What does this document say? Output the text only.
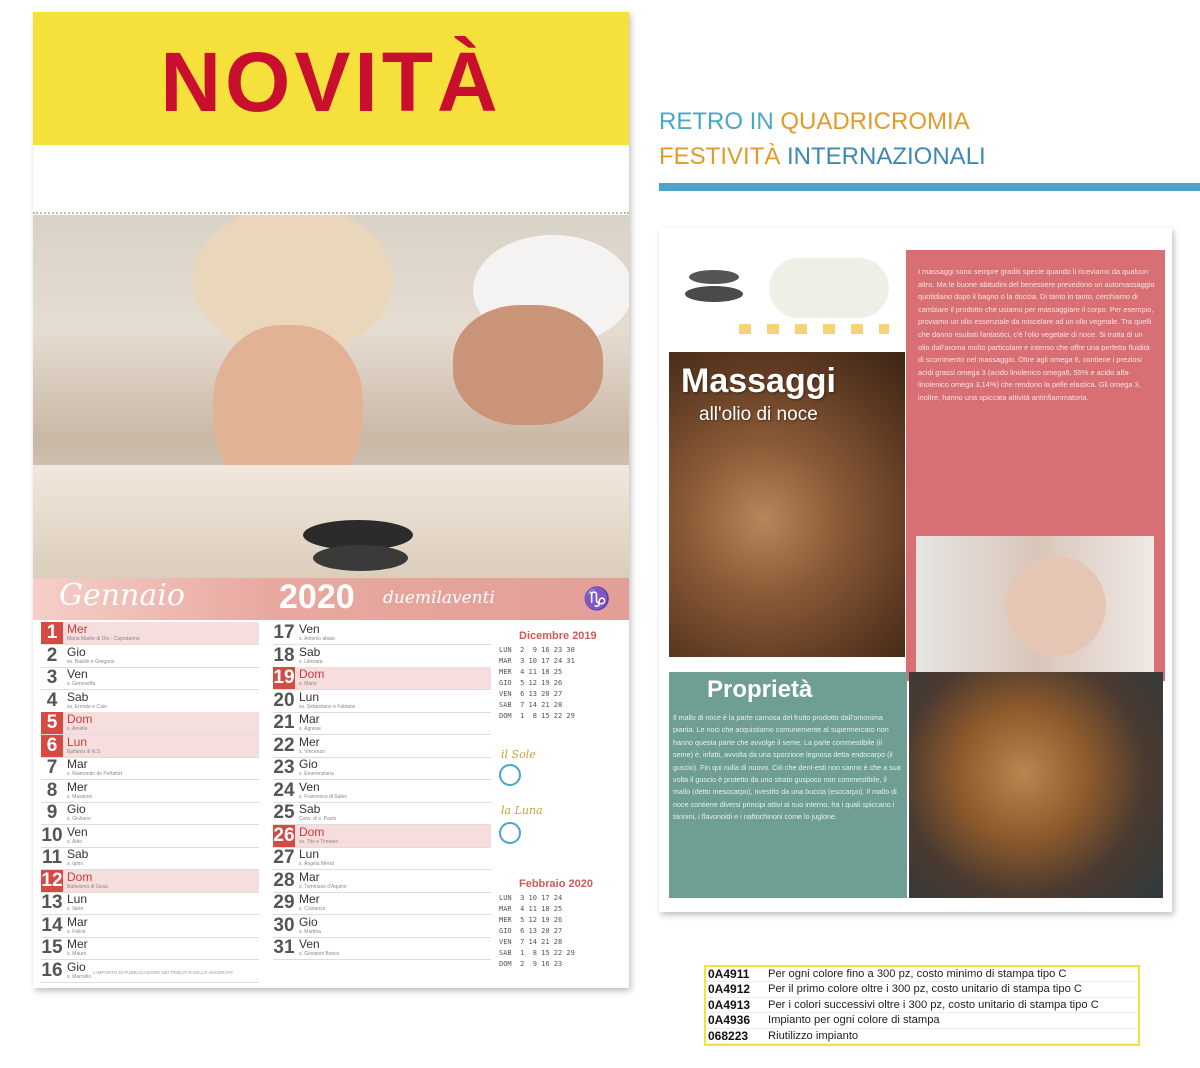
NOVITÀ
Gennaio	2020 duemilaventi	♑
1 Mer
Maria Madre di Dio - Capodanno
2 Gio
ss. Basilio e Gregorio
3 Ven
s. Genoveffa
4 Sab
ss. Ermete e Caio
5 Dom
s. Amelia
6 Lun
Epifania di N.S.
7 Mar
s. Raimondo de Peñafort
8 Mer
s. Massimo
9 Gio
s. Giuliano
10 Ven
s. Aldo
11 Sab
s. Igino
12 Dom
Battesimo di Gesù
13 Lun
s. Ilario
14 Mar
s. Felice
15 Mer
s. Mauro
16 Gio
s. Marcello
17 Ven
s. Antonio abate
18 Sab
s. Liberata
19 Dom
s. Mario
20 Lun
ss. Sebastiano e Fabiano
21 Mar
s. Agnese
22 Mer
s. Vincenzo
23 Gio
s. Emerenziana
24 Ven
s. Francesco di Sales
25 Sab
Conv. di s. Paolo
26 Dom
ss. Tito e Timoteo
27 Lun
s. Angela Merici
28 Mar
s. Tommaso d'Aquino
29 Mer
s. Costanzo
30 Gio
s. Martina
31 Ven
s. Giovanni Bosco
Dicembre 2019
LUN  2  9 16 23 30
MAR  3 10 17 24 31
MER  4 11 18 25
GIO  5 12 19 26
VEN  6 13 20 27
SAB  7 14 21 28
DOM  1  8 15 22 29
il Sole
la Luna
Febbraio 2020
LUN  3 10 17 24
MAR  4 11 18 25
MER  5 12 19 26
GIO  6 13 20 27
VEN  7 14 21 28
SAB  1  8 15 22 29
DOM  2  9 16 23
L'IMPORTO DI PUBBLICAZIONE DEI TRIBUTI E DELLE ANAGRAFE
RETRO IN QUADRICROMIA
FESTIVITÀ INTERNAZIONALI
I massaggi sono sempre graditi specie quando li riceviamo da qualcun altro. Ma le buone abitudini del benessere prevedono un automassaggio quotidiano dopo il bagno o la doccia. Di tanto in tanto, cerchiamo di cambiare il prodotto che usiamo per massaggiare il corpo. Per esempio, proviamo un olio essenziale da miscelare ad un olio vegetale. Tra quelli che danno risultati fantastici, c'è l'olio vegetale di noce. Si tratta di un olio dall'aroma molto particolare e intenso che offre una perfetta fluidità di scorrimento nel massaggio. Oltre agli omega 6, contiene i preziosi acidi grassi omega 3 (acido linolenico omega6, 55% e acido alfa-linolenico omega 3,14%) che rendono la pelle elastica. Gli omega 3, inoltre, hanno una spiccata attività antinfiammatoria.
Massaggi
all'olio di noce
Proprietà
Il mallo di noce è la parte carnosa del frutto prodotto dall'omonima pianta. Le noci che acquistiamo comunemente al supermercato non hanno questa parte che avvolge il seme. La parte commestibile (il seme) è, infatti, avvolta da una sporzione legnosa detta endocarpo (il guscio). Fin qui nulla di nuovo. Ciò che dent-esti non sanno è che a sua volta il guscio è protetto da uno strato gusposo non commestibile, il mallo (detto mesocarpo), rivestito da una buccia (esocarpo). Il mallo di noce contiene diversi principi attivi al suo interno, fra i quali spiccano i tannini, i flavonoidi e i naftochinoni come lo juglone.
0A4911	Per ogni colore fino a 300 pz, costo minimo di stampa tipo C
0A4912	Per il primo colore oltre i 300 pz, costo unitario di stampa tipo C
0A4913	Per i colori successivi oltre i 300 pz, costo unitario di stampa tipo C
0A4936	Impianto per ogni colore di stampa
068223	Riutilizzo impianto
